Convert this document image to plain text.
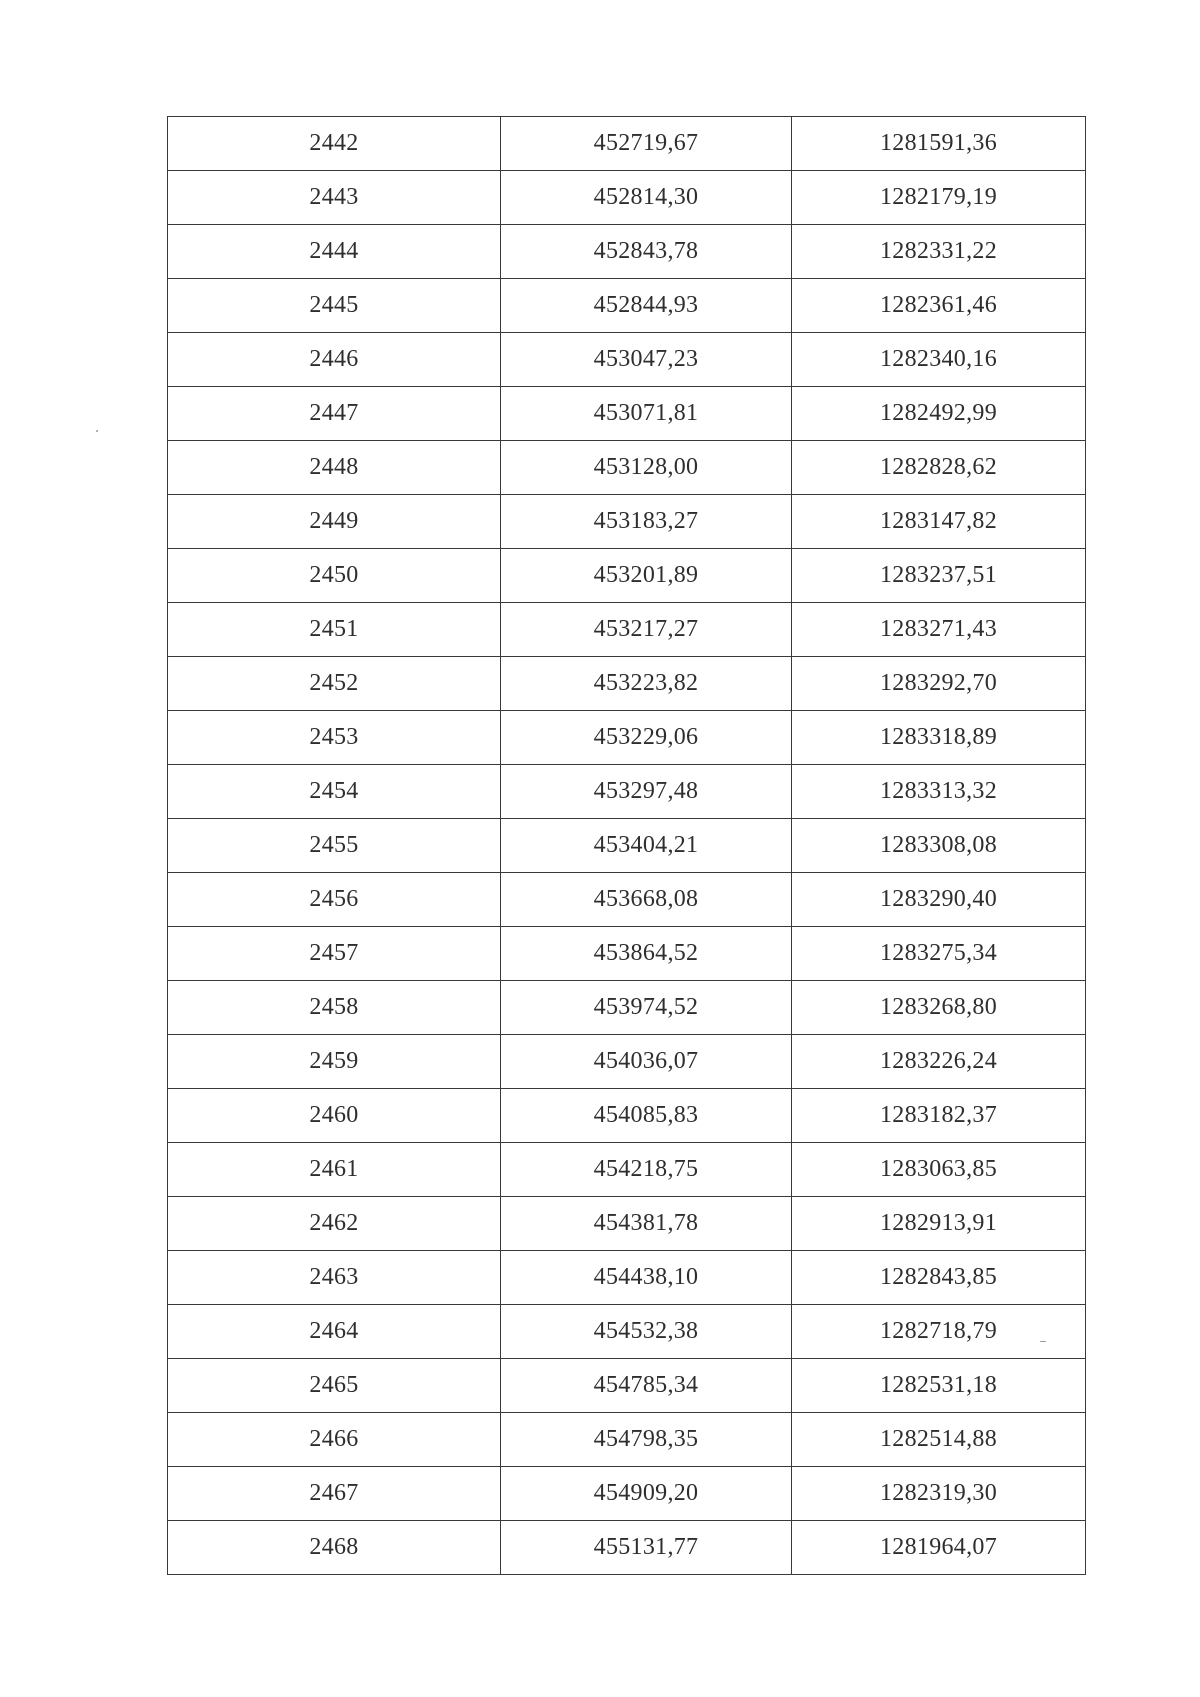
2442	452719,67	1281591,36
2443	452814,30	1282179,19
2444	452843,78	1282331,22
2445	452844,93	1282361,46
2446	453047,23	1282340,16
2447	453071,81	1282492,99
2448	453128,00	1282828,62
2449	453183,27	1283147,82
2450	453201,89	1283237,51
2451	453217,27	1283271,43
2452	453223,82	1283292,70
2453	453229,06	1283318,89
2454	453297,48	1283313,32
2455	453404,21	1283308,08
2456	453668,08	1283290,40
2457	453864,52	1283275,34
2458	453974,52	1283268,80
2459	454036,07	1283226,24
2460	454085,83	1283182,37
2461	454218,75	1283063,85
2462	454381,78	1282913,91
2463	454438,10	1282843,85
2464	454532,38	1282718,79
2465	454785,34	1282531,18
2466	454798,35	1282514,88
2467	454909,20	1282319,30
2468	455131,77	1281964,07
